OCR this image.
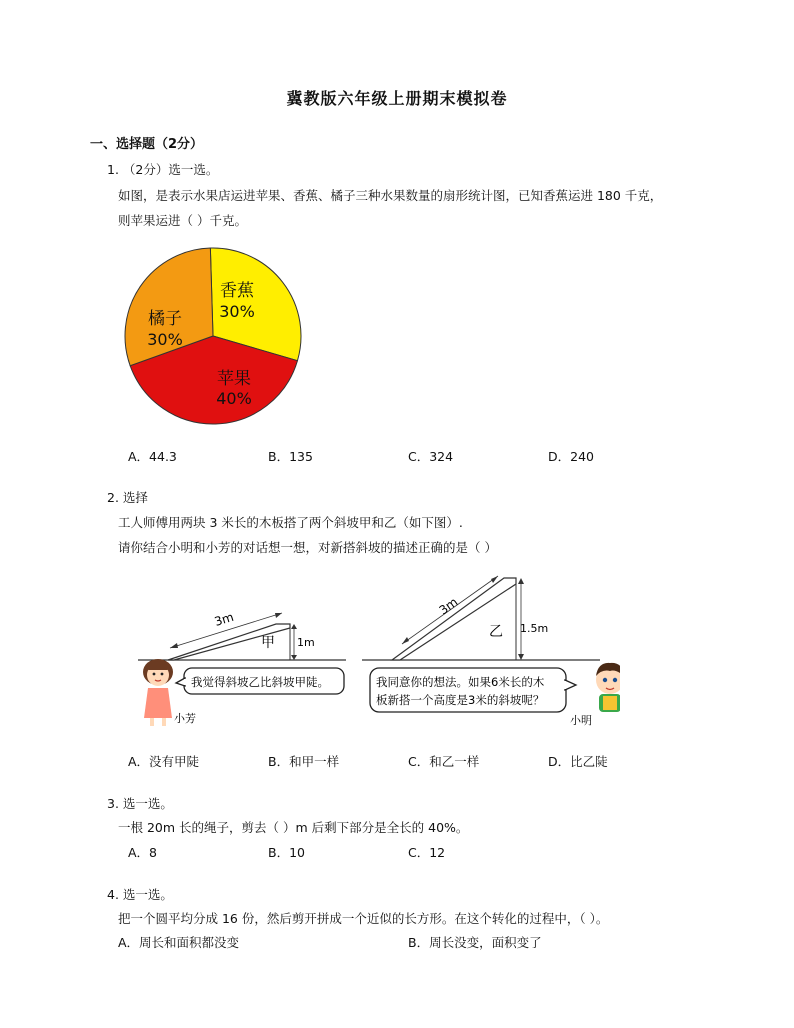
冀教版六年级上册期末模拟卷
一、选择题（2分）
1. （2分）选一选。
如图，是表示水果店运进苹果、香蕉、橘子三种水果数量的扇形统计图，已知香蕉运进 180 千克，
则苹果运进（ ）千克。
香蕉
30%
苹果
40%
橘子
30%
A．44.3	B．135	C．324	D．240
2. 选择
工人师傅用两块 3 米长的木板搭了两个斜坡甲和乙（如下图）.
请你结合小明和小芳的对话想一想，对新搭斜坡的描述正确的是（ ）
3m
甲 1m
3m
乙 1.5m
小芳
我觉得斜坡乙比斜坡甲陡。	我同意你的想法。如果6米长的木
板新搭一个高度是3米的斜坡呢？
小明
A．没有甲陡	B．和甲一样	C．和乙一样	D．比乙陡
3. 选一选。
一根 20m 长的绳子，剪去（ ）m 后剩下部分是全长的 40%。
A．8	B．10	C．12
4. 选一选。
把一个圆平均分成 16 份，然后剪开拼成一个近似的长方形。在这个转化的过程中，（ ）。
A．周长和面积都没变	B．周长没变，面积变了
